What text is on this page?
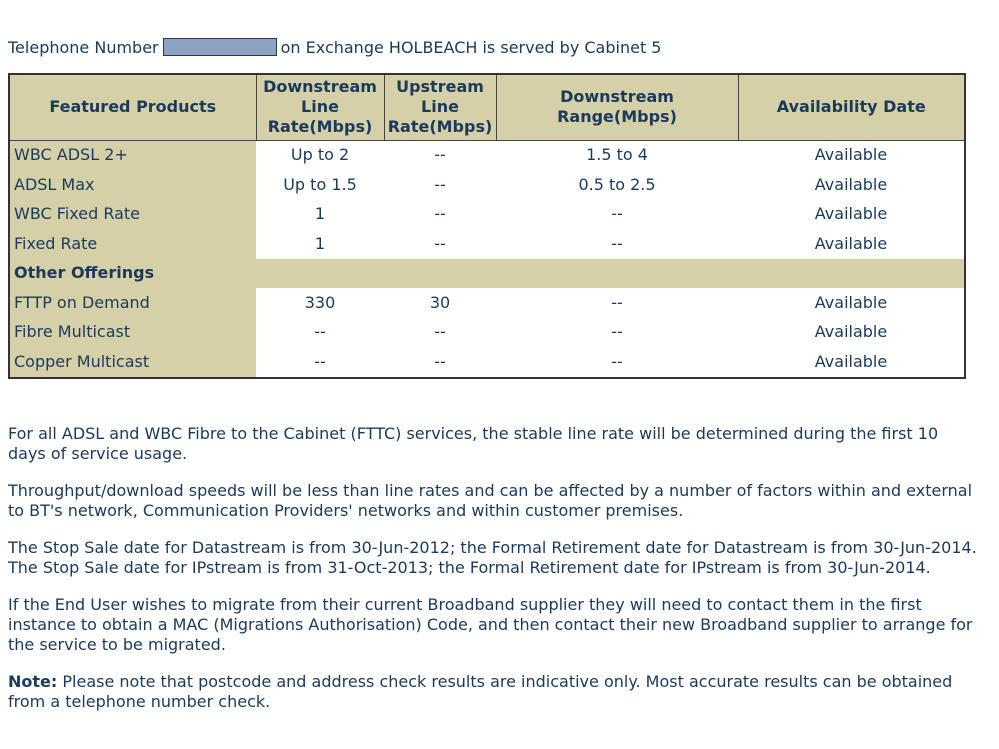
Telephone Number	on Exchange HOLBEACH is served by Cabinet 5
Featured Products	Downstream Line Rate(Mbps)	Upstream Line Rate(Mbps)	Downstream Range(Mbps)	Availability Date
WBC ADSL 2+	Up to 2	--	1.5 to 4	Available
ADSL Max	Up to 1.5	--	0.5 to 2.5	Available
WBC Fixed Rate	1	--	--	Available
Fixed Rate	1	--	--	Available
Other Offerings				
FTTP on Demand	330	30	--	Available
Fibre Multicast	--	--	--	Available
Copper Multicast	--	--	--	Available

For all ADSL and WBC Fibre to the Cabinet (FTTC) services, the stable line rate will be determined during the first 10 days of service usage.

Throughput/download speeds will be less than line rates and can be affected by a number of factors within and external to BT's network, Communication Providers' networks and within customer premises.

The Stop Sale date for Datastream is from 30-Jun-2012; the Formal Retirement date for Datastream is from 30-Jun-2014. The Stop Sale date for IPstream is from 31-Oct-2013; the Formal Retirement date for IPstream is from 30-Jun-2014.

If the End User wishes to migrate from their current Broadband supplier they will need to contact them in the first instance to obtain a MAC (Migrations Authorisation) Code, and then contact their new Broadband supplier to arrange for the service to be migrated.

Note: Please note that postcode and address check results are indicative only. Most accurate results can be obtained from a telephone number check.
